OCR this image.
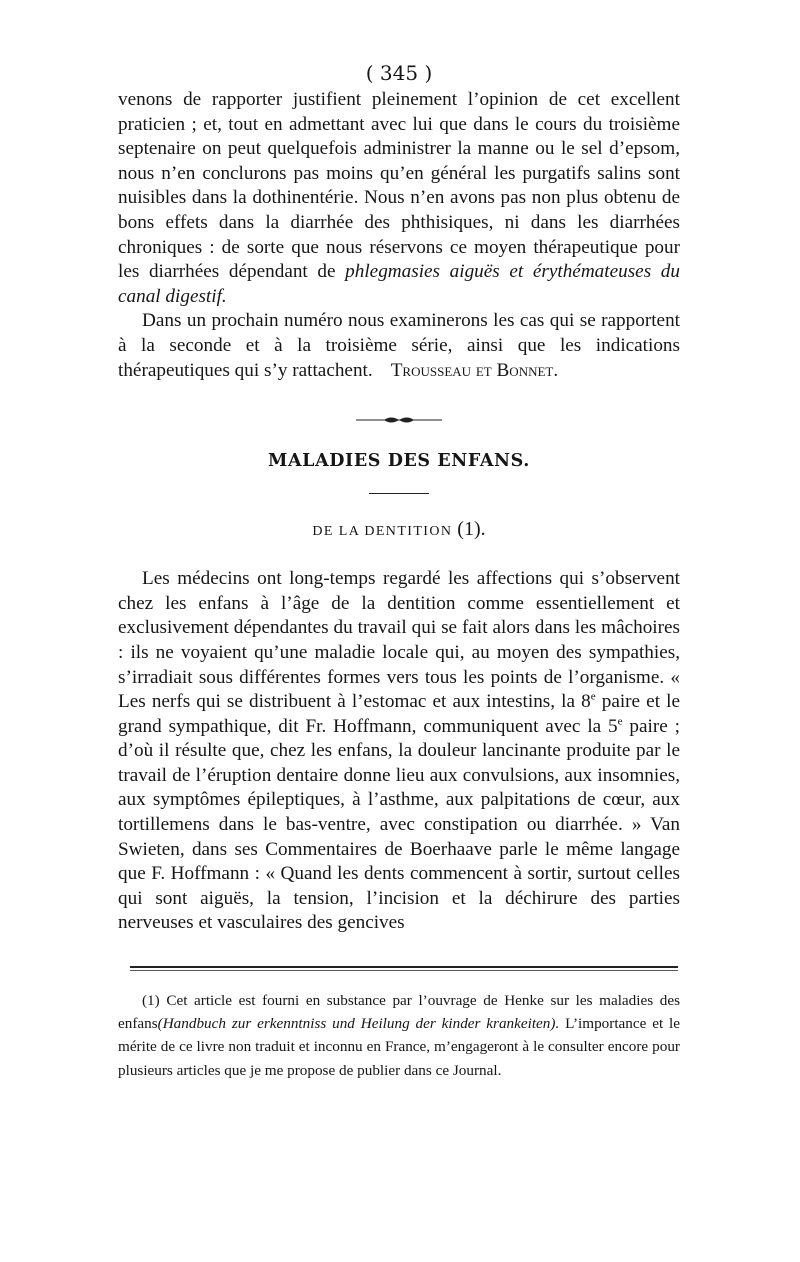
( 345 )

venons de rapporter justifient pleinement l’opinion de cet excellent praticien ; et, tout en admettant avec lui que dans le cours du troisième septenaire on peut quelquefois administrer la manne ou le sel d’epsom, nous n’en conclurons pas moins qu’en général les purgatifs salins sont nuisibles dans la dothinentérie. Nous n’en avons pas non plus obtenu de bons effets dans la diarrhée des phthisiques, ni dans les diarrhées chroniques : de sorte que nous réservons ce moyen thérapeutique pour les diarrhées dépendant de phlegmasies aiguës et érythémateuses du canal digestif.

Dans un prochain numéro nous examinerons les cas qui se rapportent à la seconde et à la troisième série, ainsi que les indications thérapeutiques qui s’y rattachent. Trousseau et Bonnet.

MALADIES DES ENFANS.
DE LA DENTITION (1).

Les médecins ont long-temps regardé les affections qui s’observent chez les enfans à l’âge de la dentition comme essentiellement et exclusivement dépendantes du travail qui se fait alors dans les mâchoires : ils ne voyaient qu’une maladie locale qui, au moyen des sympathies, s’irradiait sous différentes formes vers tous les points de l’organisme. « Les nerfs qui se distribuent à l’estomac et aux intestins, la 8e paire et le grand sympathique, dit Fr. Hoffmann, communiquent avec la 5e paire ; d’où il résulte que, chez les enfans, la douleur lancinante produite par le travail de l’éruption dentaire donne lieu aux convulsions, aux insomnies, aux symptômes épileptiques, à l’asthme, aux palpitations de cœur, aux tortillemens dans le bas-ventre, avec constipation ou diarrhée. » Van Swieten, dans ses Commentaires de Boerhaave parle le même langage que F. Hoffmann : « Quand les dents commencent à sortir, surtout celles qui sont aiguës, la tension, l’incision et la déchirure des parties nerveuses et vasculaires des gencives

(1) Cet article est fourni en substance par l’ouvrage de Henke sur les maladies des enfans(Handbuch zur erkenntniss und Heilung der kinder krankeiten). L’importance et le mérite de ce livre non traduit et inconnu en France, m’engageront à le consulter encore pour plusieurs articles que je me propose de publier dans ce Journal.
